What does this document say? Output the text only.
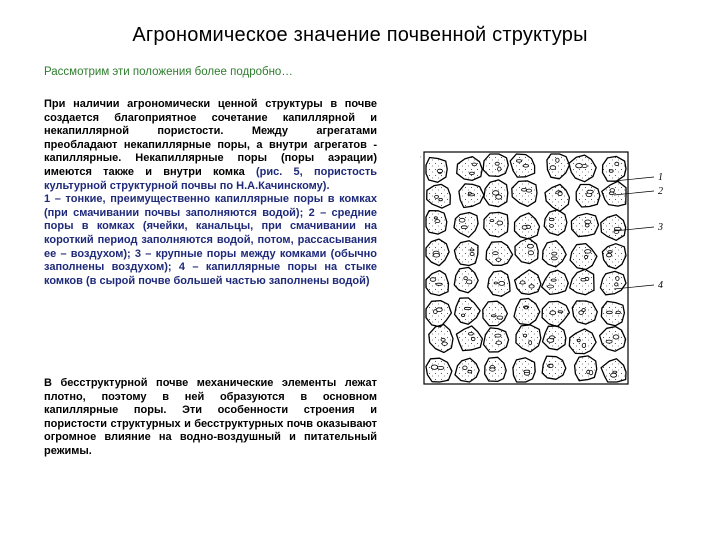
Агрономическое значение почвенной структуры
Рассмотрим эти положения более подробно…
При наличии агрономически ценной структуры в почве создается благоприятное сочетание капиллярной и некапиллярной пористости. Между агрегатами преобладают некапиллярные поры, а внутри агрегатов - капиллярные. Некапиллярные поры (поры аэрации) имеются также и внутри комка (рис. 5, пористость культурной структурной почвы по Н.А.Качинскому).
1 – тонкие, преимущественно капиллярные поры в комках (при смачивании почвы заполняются водой); 2 – средние поры в комках (ячейки, канальцы, при смачивании на короткий период заполняются водой, потом, рассасывания ее – воздухом); 3 – крупные поры между комками (обычно заполнены воздухом); 4 – капиллярные поры на стыке комков (в сырой почве большей частью заполнены водой)
В бесструктурной почве механические элементы лежат плотно, поэтому в ней образуются в основном капиллярные поры. Эти особенности строения и пористости структурных и бесструктурных почв оказывают огромное влияние на водно-воздушный и питательный режимы.
1
2
3
4
'
